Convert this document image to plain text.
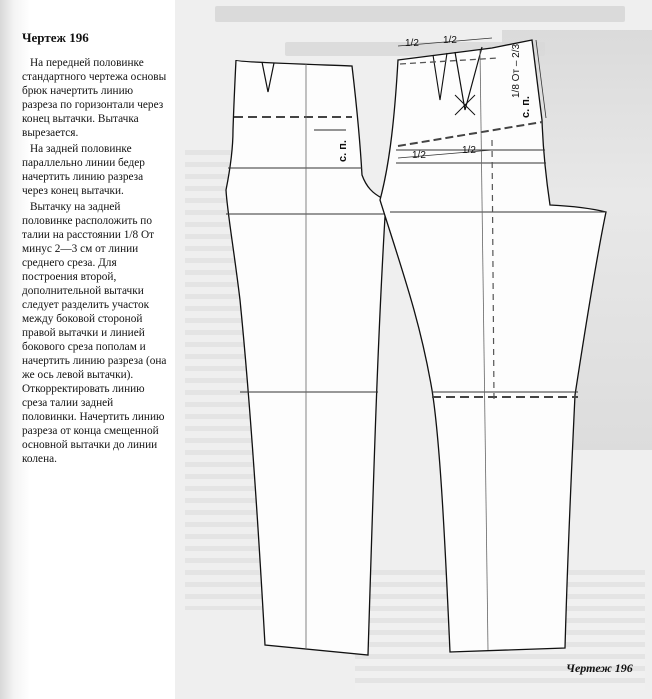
Чертеж 196

На передней половинке стандартного чертежа основы брюк начертить линию разреза по горизонтали через конец вытачки. Вытачка вырезается.

На задней половинке параллельно линии бедер начертить линию разреза через конец вытачки.

Вытачку на задней половинке расположить по талии на расстоянии 1/8 От минус 2—3 см от линии среднего среза. Для построения второй, дополнительной вытачки следует разделить участок между боковой стороной правой вытачки и линией бокового среза пополам и начертить линию разреза (она же ось левой вытачки). Откорректировать линию среза талии задней половинки. Начертить линию разреза от конца смещенной основной вытачки до линии колена.

с. п.
1/2 1/2
1/2	1/2
с. п.
1/8 От – 2/3
Чертеж 196
